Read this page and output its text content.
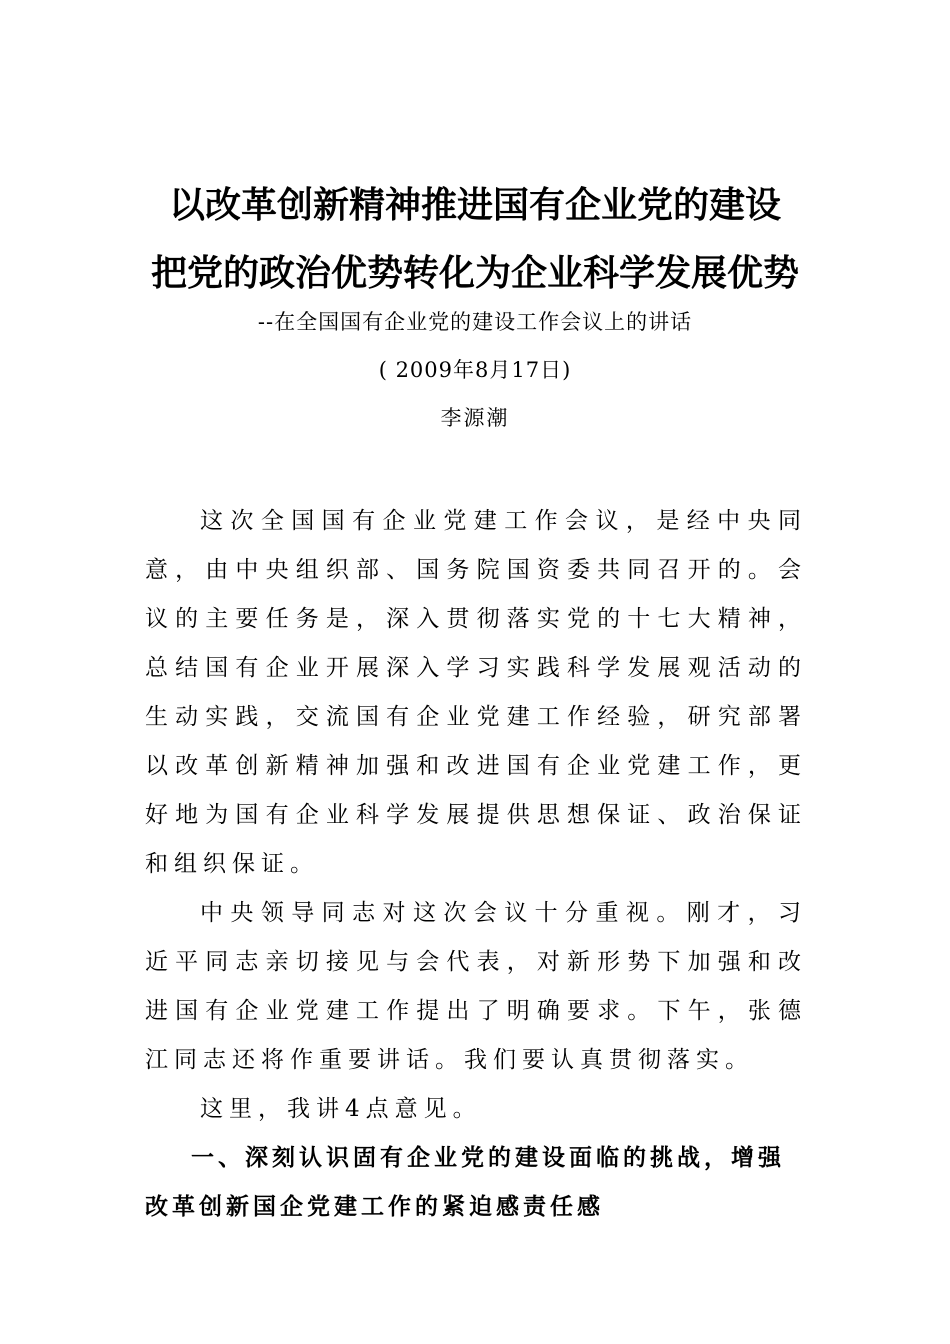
以改革创新精神推进国有企业党的建设
把党的政治优势转化为企业科学发展优势
--在全国国有企业党的建设工作会议上的讲话
( 2009年8月17日)
李源潮

这次全国国有企业党建工作会议，是经中央同意，由中央组织部、国务院国资委共同召开的。会议的主要任务是，深入贯彻落实党的十七大精神，总结国有企业开展深入学习实践科学发展观活动的生动实践，交流国有企业党建工作经验，研究部署以改革创新精神加强和改进国有企业党建工作，更好地为国有企业科学发展提供思想保证、政治保证和组织保证。

中央领导同志对这次会议十分重视。刚才，习近平同志亲切接见与会代表，对新形势下加强和改进国有企业党建工作提出了明确要求。下午，张德江同志还将作重要讲话。我们要认真贯彻落实。

这里，我讲4点意见。

一、深刻认识固有企业党的建设面临的挑战，增强改革创新国企党建工作的紧迫感责任感
